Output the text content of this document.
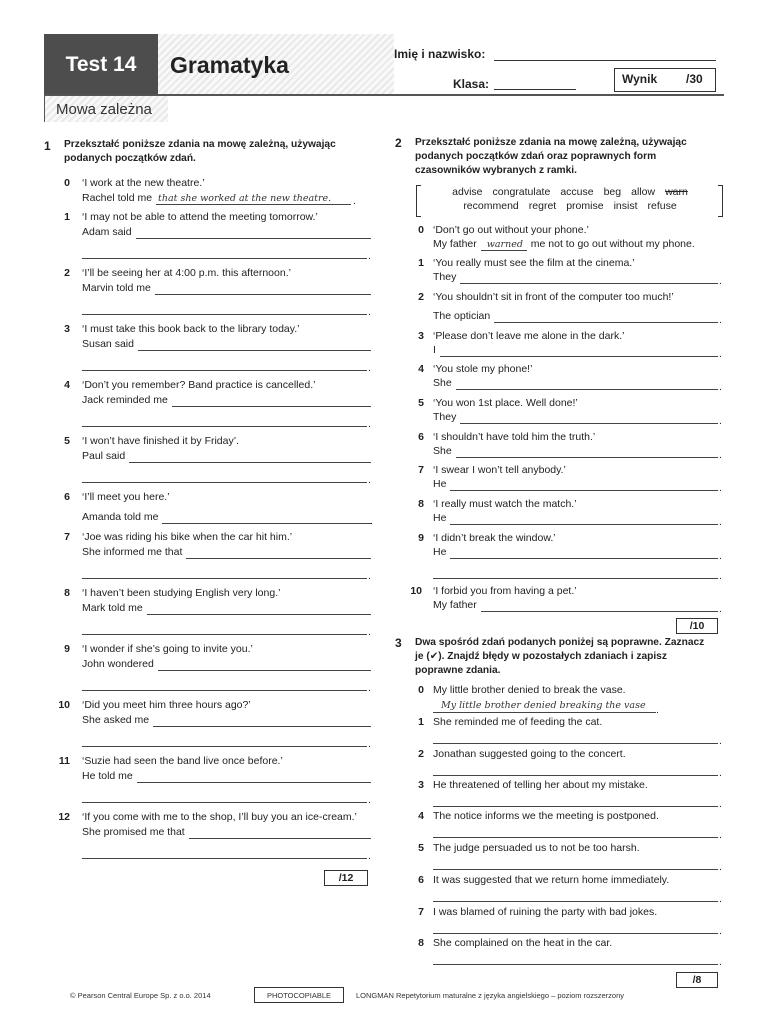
Test 14	Gramatyka
Mowa zależna
Imię i nazwisko:
Klasa:	Wynik /30
1 Przekształć poniższe zdania na mowę zależną, używając podanych początków zdań.
0 ‘I work at the new theatre.’
Rachel told me that she worked at the new theatre. .
1 ‘I may not be able to attend the meeting tomorrow.’
Adam said
.
2 ‘I’ll be seeing her at 4:00 p.m. this afternoon.’
Marvin told me
.
3 ‘I must take this book back to the library today.’
Susan said
.
4 ‘Don’t you remember? Band practice is cancelled.’
Jack reminded me
.
5 ‘I won’t have finished it by Friday’.
Paul said
.
6 ‘I’ll meet you here.’
Amanda told me	.
7 ‘Joe was riding his bike when the car hit him.’
She informed me that
.
8 ‘I haven’t been studying English very long.’
Mark told me
.
9 ‘I wonder if she’s going to invite you.’
John wondered
.
10 ‘Did you meet him three hours ago?’
She asked me
.
11 ‘Suzie had seen the band live once before.’
He told me
.
12 ‘If you come with me to the shop, I’ll buy you an ice-cream.’
She promised me that
.
/12
2 Przekształć poniższe zdania na mowę zależną, używając podanych początków zdań oraz poprawnych form czasowników wybranych z ramki.
advise congratulate accuse beg allow warn
recommend regret promise insist refuse
0 ‘Don’t go out without your phone.’
My father warned me not to go out without my phone.
1 ‘You really must see the film at the cinema.’
They	.
2 ‘You shouldn’t sit in front of the computer too much!’
The optician	.
3 ‘Please don’t leave me alone in the dark.’
I	.
4 ‘You stole my phone!’
She	.
5 ‘You won 1st place. Well done!’
They	.
6 ‘I shouldn’t have told him the truth.’
She	.
7 ‘I swear I won’t tell anybody.’
He	.
8 ‘I really must watch the match.’
He	.
9 ‘I didn’t break the window.’
He	.
.
10 ‘I forbid you from having a pet.’
My father	.
/10
3 Dwa spośród zdań podanych poniżej są poprawne. Zaznacz je (✔). Znajdź błędy w pozostałych zdaniach i zapisz poprawne zdania.
0 My little brother denied to break the vase.
My little brother denied breaking the vase .
1 She reminded me of feeding the cat.
.
2 Jonathan suggested going to the concert.
.
3 He threatened of telling her about my mistake.
.
4 The notice informs we the meeting is postponed.
.
5 The judge persuaded us to not be too harsh.
.
6 It was suggested that we return home immediately.
.
7 I was blamed of ruining the party with bad jokes.
.
8 She complained on the heat in the car.
.
/8
© Pearson Central Europe Sp. z o.o. 2014	PHOTOCOPIABLE	LONGMAN Repetytorium maturalne z języka angielskiego – poziom rozszerzony
